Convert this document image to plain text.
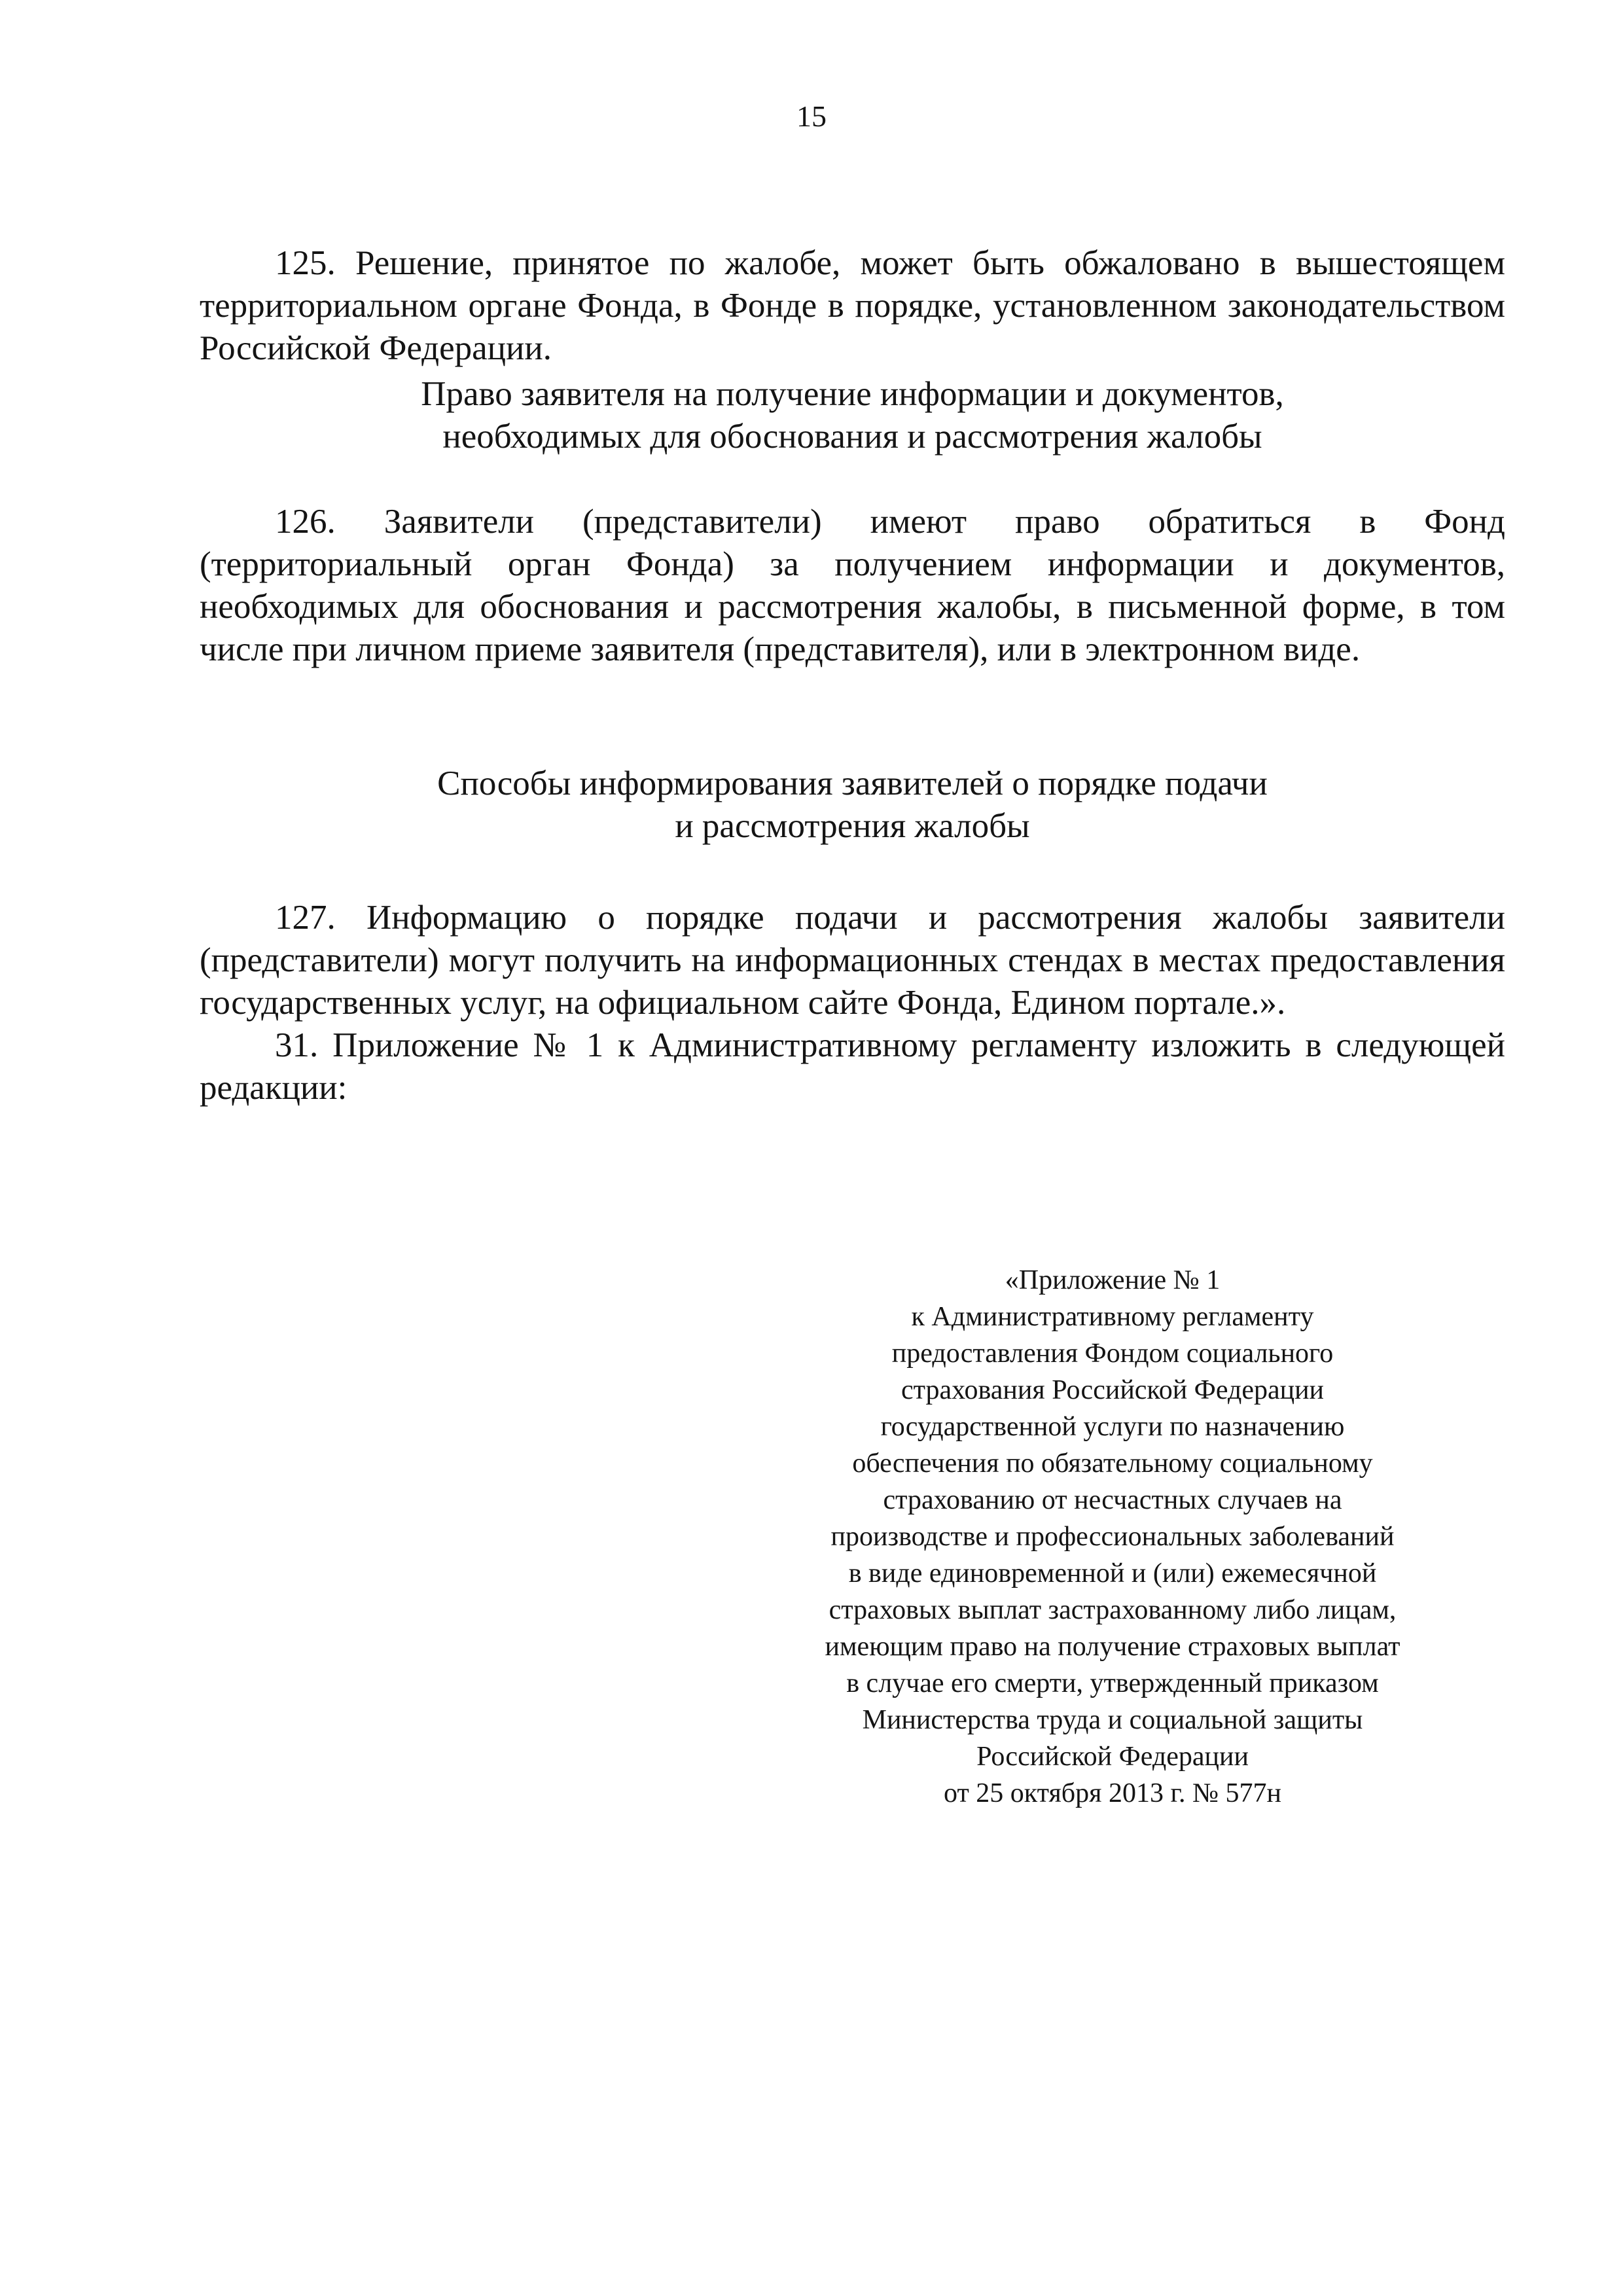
15

125. Решение, принятое по жалобе, может быть обжаловано в вышестоящем территориальном органе Фонда, в Фонде в порядке, установленном законодательством Российской Федерации.

Право заявителя на получение информации и документов,
необходимых для обоснования и рассмотрения жалобы

126. Заявители (представители) имеют право обратиться в Фонд (территориальный орган Фонда) за получением информации и документов, необходимых для обоснования и рассмотрения жалобы, в письменной форме, в том числе при личном приеме заявителя (представителя), или в электронном виде.

Способы информирования заявителей о порядке подачи
и рассмотрения жалобы

127. Информацию о порядке подачи и рассмотрения жалобы заявители (представители) могут получить на информационных стендах в местах предоставления государственных услуг, на официальном сайте Фонда, Едином портале.».

31. Приложение № 1 к Административному регламенту изложить в следующей редакции:

«Приложение № 1
к Административному регламенту
предоставления Фондом социального
страхования Российской Федерации
государственной услуги по назначению
обеспечения по обязательному социальному
страхованию от несчастных случаев на
производстве и профессиональных заболеваний
в виде единовременной и (или) ежемесячной
страховых выплат застрахованному либо лицам,
имеющим право на получение страховых выплат
в случае его смерти, утвержденный приказом
Министерства труда и социальной защиты
Российской Федерации
от 25 октября 2013 г. № 577н
